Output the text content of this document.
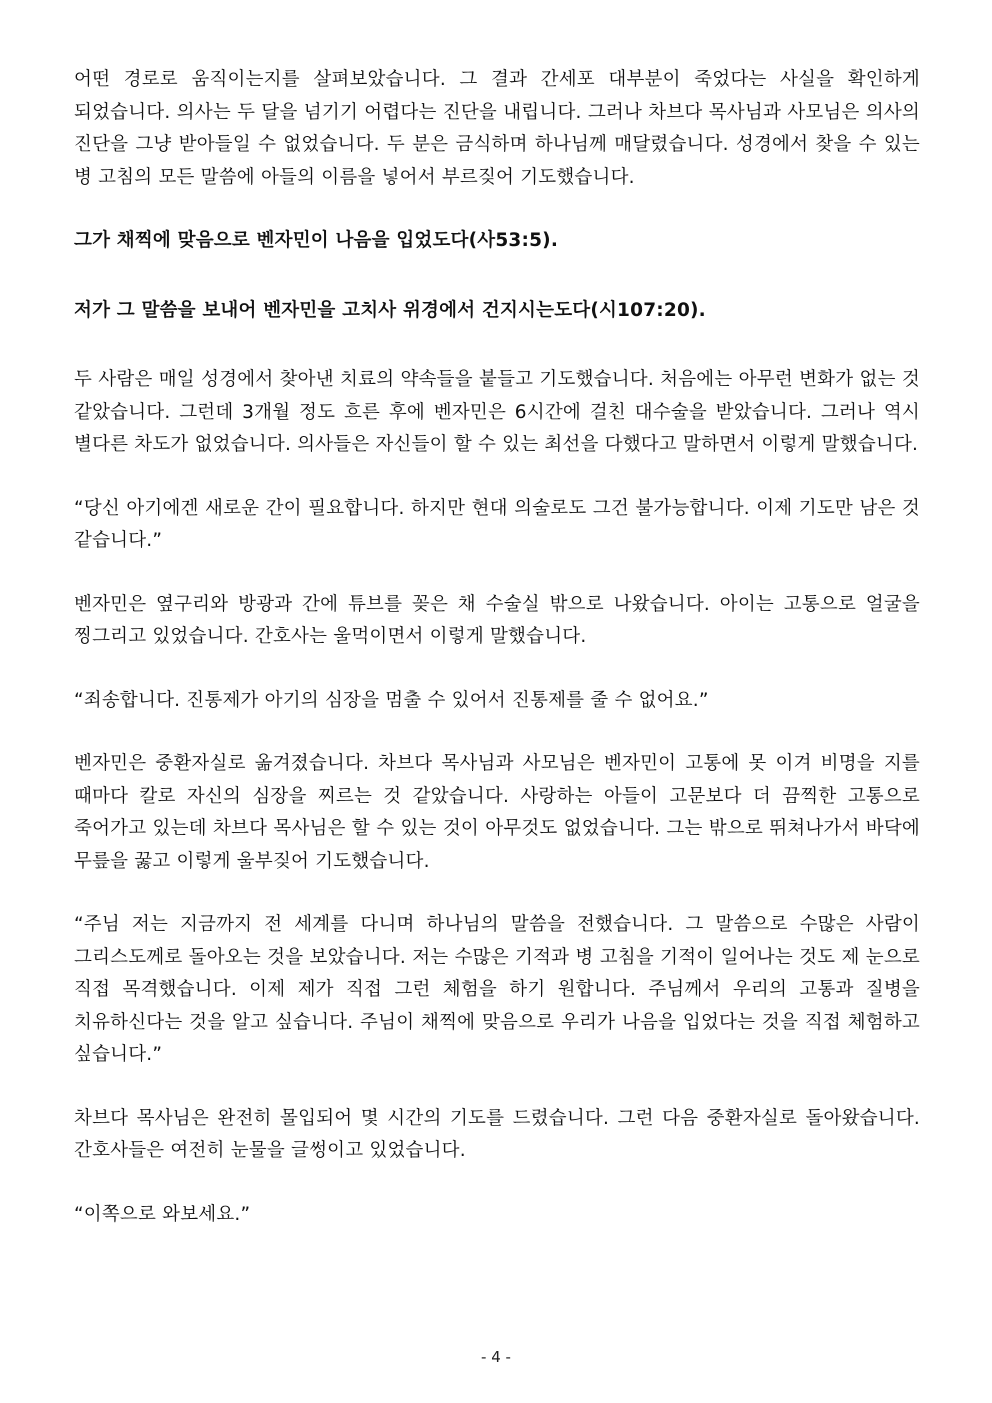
어떤 경로로 움직이는지를 살펴보았습니다. 그 결과 간세포 대부분이 죽었다는 사실을 확인하게 되었습니다. 의사는 두 달을 넘기기 어렵다는 진단을 내립니다. 그러나 차브다 목사님과 사모님은 의사의 진단을 그냥 받아들일 수 없었습니다. 두 분은 금식하며 하나님께 매달렸습니다. 성경에서 찾을 수 있는 병 고침의 모든 말씀에 아들의 이름을 넣어서 부르짖어 기도했습니다.

그가 채찍에 맞음으로 벤자민이 나음을 입었도다(사53:5).

저가 그 말씀을 보내어 벤자민을 고치사 위경에서 건지시는도다(시107:20).

두 사람은 매일 성경에서 찾아낸 치료의 약속들을 붙들고 기도했습니다. 처음에는 아무런 변화가 없는 것 같았습니다. 그런데 3개월 정도 흐른 후에 벤자민은 6시간에 걸친 대수술을 받았습니다. 그러나 역시 별다른 차도가 없었습니다. 의사들은 자신들이 할 수 있는 최선을 다했다고 말하면서 이렇게 말했습니다.

“당신 아기에겐 새로운 간이 필요합니다. 하지만 현대 의술로도 그건 불가능합니다. 이제 기도만 남은 것 같습니다.”

벤자민은 옆구리와 방광과 간에 튜브를 꽂은 채 수술실 밖으로 나왔습니다. 아이는 고통으로 얼굴을 찡그리고 있었습니다. 간호사는 울먹이면서 이렇게 말했습니다.

“죄송합니다. 진통제가 아기의 심장을 멈출 수 있어서 진통제를 줄 수 없어요.”

벤자민은 중환자실로 옮겨졌습니다. 차브다 목사님과 사모님은 벤자민이 고통에 못 이겨 비명을 지를 때마다 칼로 자신의 심장을 찌르는 것 같았습니다. 사랑하는 아들이 고문보다 더 끔찍한 고통으로 죽어가고 있는데 차브다 목사님은 할 수 있는 것이 아무것도 없었습니다. 그는 밖으로 뛰쳐나가서 바닥에 무릎을 꿇고 이렇게 울부짖어 기도했습니다.

“주님 저는 지금까지 전 세계를 다니며 하나님의 말씀을 전했습니다. 그 말씀으로 수많은 사람이 그리스도께로 돌아오는 것을 보았습니다. 저는 수많은 기적과 병 고침을 기적이 일어나는 것도 제 눈으로 직접 목격했습니다. 이제 제가 직접 그런 체험을 하기 원합니다. 주님께서 우리의 고통과 질병을 치유하신다는 것을 알고 싶습니다. 주님이 채찍에 맞음으로 우리가 나음을 입었다는 것을 직접 체험하고 싶습니다.”

차브다 목사님은 완전히 몰입되어 몇 시간의 기도를 드렸습니다. 그런 다음 중환자실로 돌아왔습니다. 간호사들은 여전히 눈물을 글썽이고 있었습니다.

“이쪽으로 와보세요.”

- 4 -
